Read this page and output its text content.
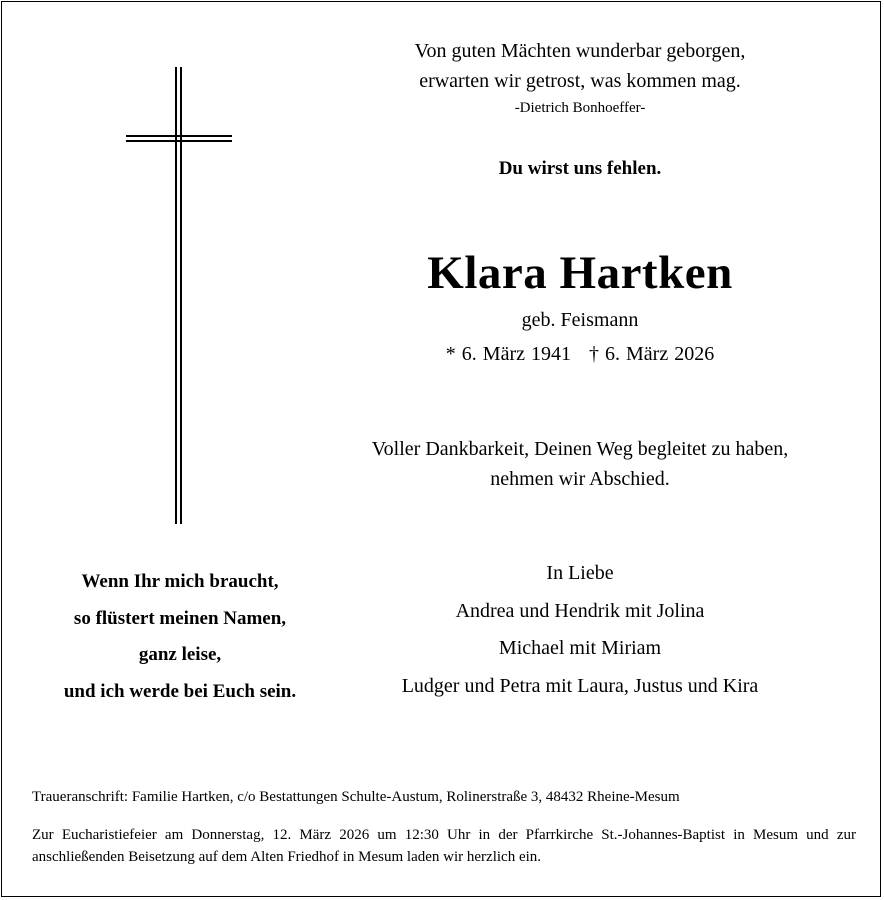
Von guten Mächten wunderbar geborgen,
erwarten wir getrost, was kommen mag.
-Dietrich Bonhoeffer-
Du wirst uns fehlen.
Klara Hartken
geb. Feismann
* 6. März 1941 † 6. März 2026
Voller Dankbarkeit, Deinen Weg begleitet zu haben,
nehmen wir Abschied.
Wenn Ihr mich braucht,
so flüstert meinen Namen,
ganz leise,
und ich werde bei Euch sein.
In Liebe
Andrea und Hendrik mit Jolina
Michael mit Miriam
Ludger und Petra mit Laura, Justus und Kira
Traueranschrift: Familie Hartken, c/o Bestattungen Schulte-Austum, Rolinerstraße 3, 48432 Rheine-Mesum
Zur Eucharistiefeier am Donnerstag, 12. März 2026 um 12:30 Uhr in der Pfarrkirche St.-Johannes-Baptist in Mesum und zur anschließenden Beisetzung auf dem Alten Friedhof in Mesum laden wir herzlich ein.
